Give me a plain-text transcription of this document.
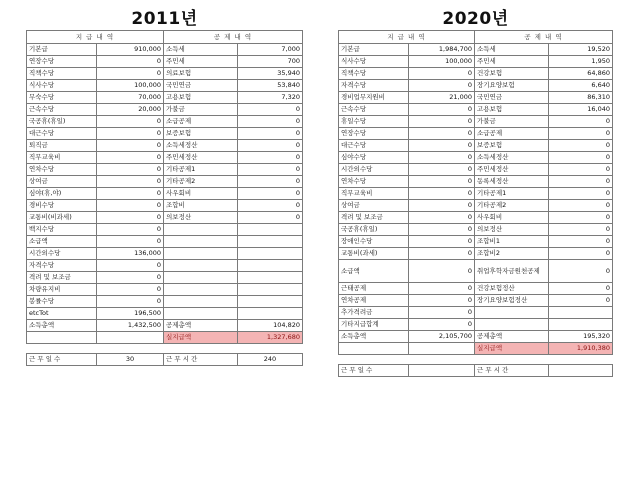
2011년
지 급 내 역		공 제 내 역	
기본급	910,000	소득세	7,000
연장수당	0	주민세	700
직책수당	0	의료보험	35,940
식사수당	100,000	국민연금	53,840
무숙수당	70,000	고용보험	7,320
근속수당	20,000	가불금	0
국공휴(휴일)	0	소급공제	0
대근수당	0	보증보험	0
퇴직금	0	소득세정산	0
직무교육비	0	주민세정산	0
연차수당	0	기타공제1	0
상여금	0	기타공제2	0
심야(휴,야)	0	사우회비	0
경비수당	0	조합비	0
교통비(비과세)	0	의보정산	0
백지수당	0		
소급액	0		
시간외수당	136,000		
자격수당	0		
격려 및 보조금	0		
차량유지비	0		
봉률수당	0		
etcTot	196,500		
소득총액	1,432,500	공제총액	104,820
		실지급액	1,327,680
근 무 일 수	30	근 무 시 간	240
2020년
지 급 내 역		공 제 내 역	
기본급	1,984,700	소득세	19,520
식사수당	100,000	주민세	1,950
직책수당	0	건강보험	64,860
자격수당	0	장기요양보험	6,640
경비업무지원비	21,000	국민연금	86,310
근속수당	0	고용보험	16,040
휴일수당	0	가불금	0
연장수당	0	소급공제	0
대근수당	0	보증보험	0
심야수당	0	소득세정산	0
시간외수당	0	주민세정산	0
연차수당	0	동록세정산	0
직무교육비	0	기타공제1	0
상여금	0	기타공제2	0
격려 및 보조금	0	사우회비	0
국공휴(휴일)	0	의보정산	0
장애인수당	0	조합비1	0
교통비(과세)	0	조합비2	0
소급액	0	취업후학자금원천공제	0
근태공제	0	건강보험정산	0
연차공제	0	장기요양보험정산	0
추가격려금	0		
기타지급합계	0		
소득총액	2,105,700	공제총액	195,320
		실지급액	1,910,380
근 무 일 수		근 무 시 간	
